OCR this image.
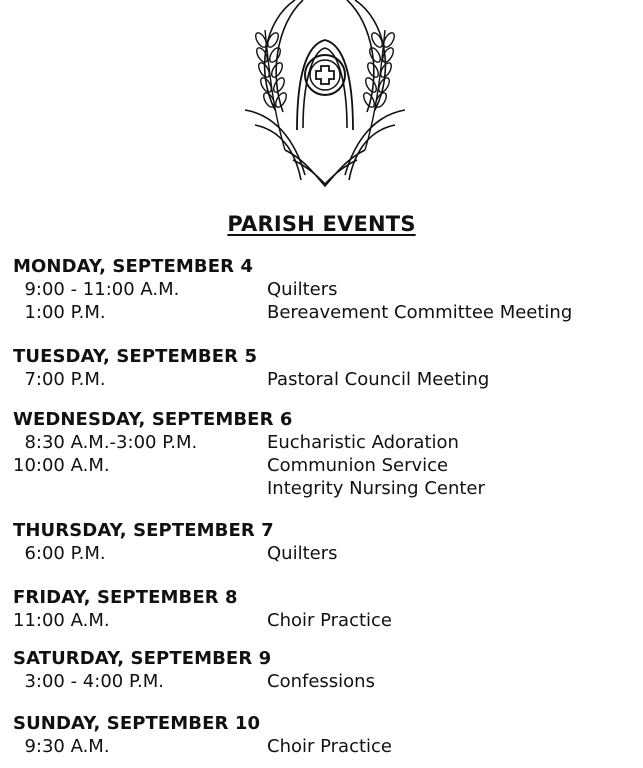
PARISH EVENTS
MONDAY, SEPTEMBER 4
9:00 - 11:00 A.M.	Quilters
1:00 P.M.	Bereavement Committee Meeting
TUESDAY, SEPTEMBER 5
7:00 P.M.	Pastoral Council Meeting
WEDNESDAY, SEPTEMBER 6
8:30 A.M.-3:00 P.M.	Eucharistic Adoration
10:00 A.M.	Communion Service
Integrity Nursing Center
THURSDAY, SEPTEMBER 7
6:00 P.M.	Quilters
FRIDAY, SEPTEMBER 8
11:00 A.M.	Choir Practice
SATURDAY, SEPTEMBER 9
3:00 - 4:00 P.M.	Confessions
SUNDAY, SEPTEMBER 10
9:30 A.M.	Choir Practice
